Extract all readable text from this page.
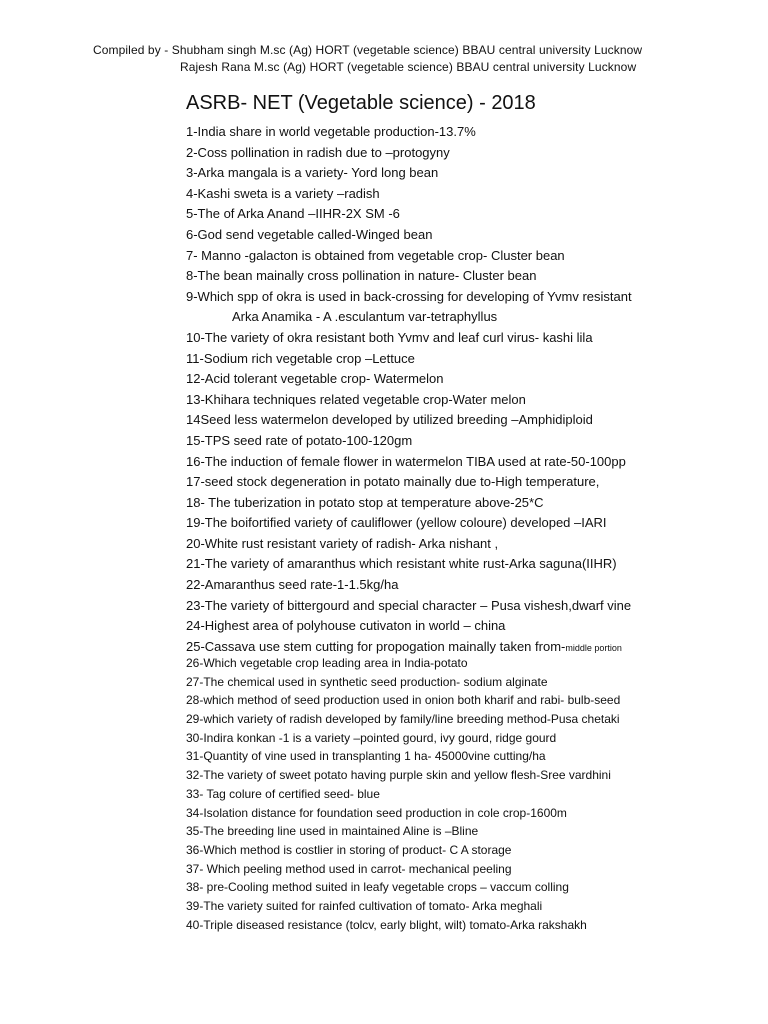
Compiled by - Shubham singh M.sc (Ag) HORT (vegetable science) BBAU central university Lucknow
Rajesh Rana M.sc (Ag) HORT (vegetable science) BBAU central university Lucknow
ASRB- NET (Vegetable science) - 2018
1-India share in world vegetable production-13.7%
2-Coss pollination in radish due to –protogyny
3-Arka mangala is a variety- Yord long bean
4-Kashi sweta is a variety –radish
5-The of Arka Anand –IIHR-2X SM -6
6-God send vegetable called-Winged bean
7- Manno -galacton is obtained from vegetable crop- Cluster bean
8-The bean mainally cross pollination in nature- Cluster bean
9-Which spp of okra is used in back-crossing for developing of Yvmv resistant
Arka Anamika - A .esculantum var-tetraphyllus
10-The variety of okra resistant both Yvmv and leaf curl virus- kashi lila
11-Sodium rich vegetable crop –Lettuce
12-Acid tolerant vegetable crop- Watermelon
13-Khihara techniques related vegetable crop-Water melon
14Seed less watermelon developed by utilized breeding –Amphidiploid
15-TPS seed rate of potato-100-120gm
16-The induction of female flower in watermelon TIBA used at rate-50-100pp
17-seed stock degeneration in potato mainally due to-High temperature,
18- The tuberization in potato stop at temperature above-25*C
19-The boifortified variety of cauliflower (yellow coloure) developed –IARI
20-White rust resistant variety of radish- Arka nishant ,
21-The variety of amaranthus which resistant white rust-Arka saguna(IIHR)
22-Amaranthus seed rate-1-1.5kg/ha
23-The variety of bittergourd and special character – Pusa vishesh,dwarf vine
24-Highest area of polyhouse cutivaton in world – china
25-Cassava use stem cutting for propogation mainally taken from-middle portion
26-Which vegetable crop leading area in India-potato
27-The chemical used in synthetic seed production- sodium alginate
28-which method of seed production used in onion both kharif and rabi- bulb-seed
29-which variety of radish developed by family/line breeding method-Pusa chetaki
30-Indira konkan -1 is a variety –pointed gourd, ivy gourd, ridge gourd
31-Quantity of vine used in transplanting 1 ha- 45000vine cutting/ha
32-The variety of sweet potato having purple skin and yellow flesh-Sree vardhini
33- Tag colure of certified seed- blue
34-Isolation distance for foundation seed production in cole crop-1600m
35-The breeding line used in maintained Aline is –Bline
36-Which method is costlier in storing of product- C A storage
37- Which peeling method used in carrot- mechanical peeling
38- pre-Cooling method suited in leafy vegetable crops – vaccum colling
39-The variety suited for rainfed cultivation of tomato- Arka meghali
40-Triple diseased resistance (tolcv, early blight, wilt) tomato-Arka rakshakh
